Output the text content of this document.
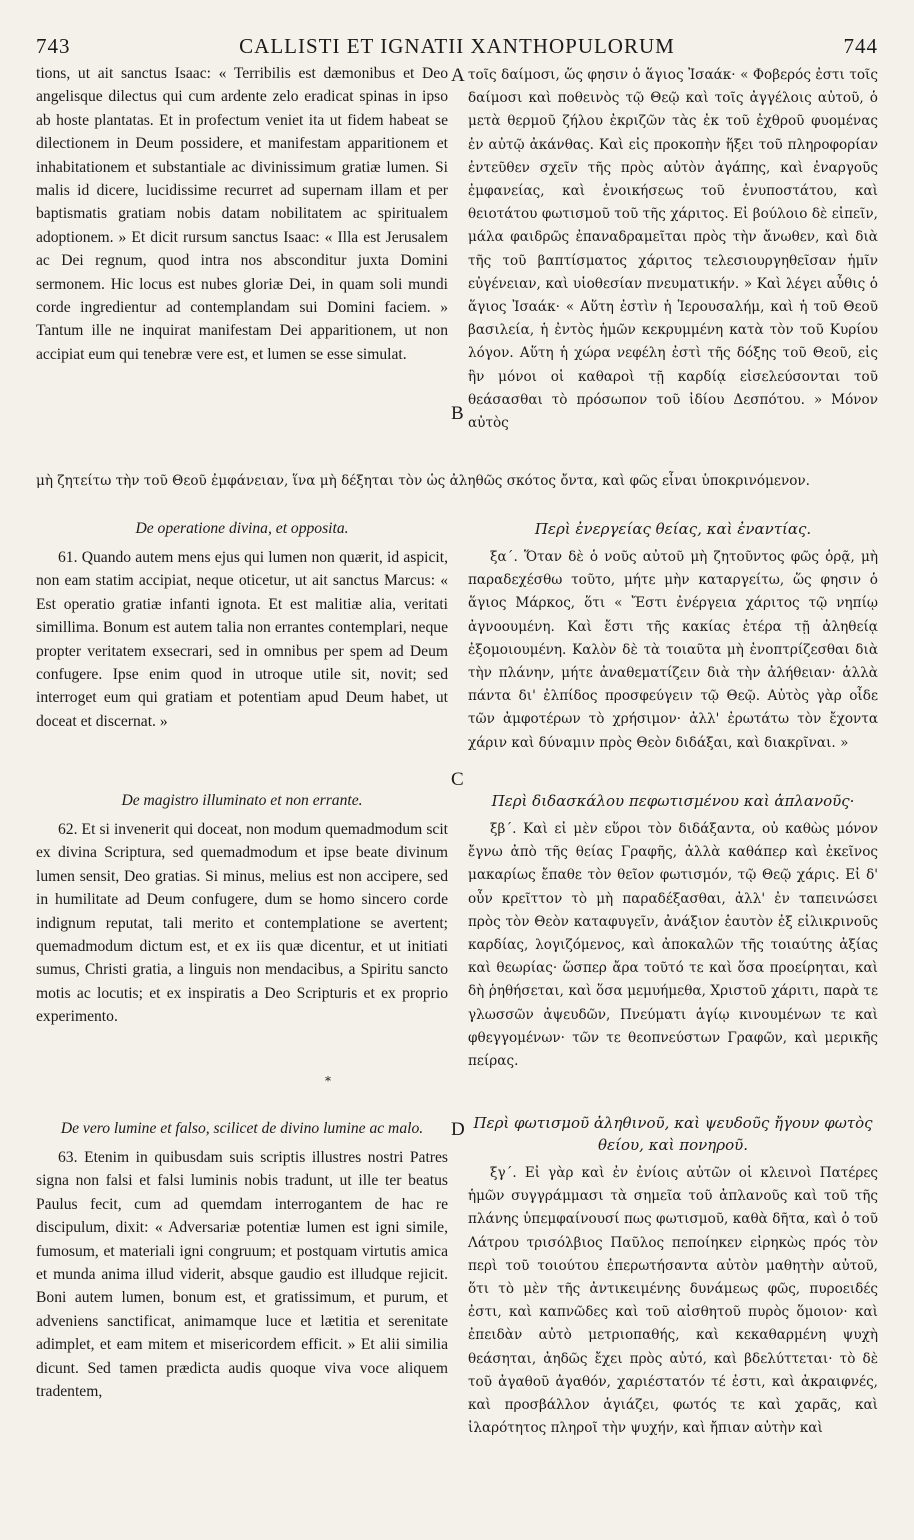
743	CALLISTI ET IGNATII XANTHOPULORUM	744

tions, ut ait sanctus Isaac: « Terribilis est dæmonibus et Deo angelisque dilectus qui cum ardente zelo eradicat spinas in ipso ab hoste plantatas. Et in profectum veniet ita ut fidem habeat se dilectionem in Deum possidere, et manifestam apparitionem et inhabitationem et substantiale ac divinissimum gratiæ lumen. Si malis id dicere, lucidissime recurret ad supernam illam et per baptismatis gratiam nobis datam nobilitatem ac spiritualem adoptionem. » Et dicit rursum sanctus Isaac: « Illa est Jerusalem ac Dei regnum, quod intra nos absconditur juxta Domini sermonem. Hic locus est nubes gloriæ Dei, in quam soli mundi corde ingredientur ad contemplandam sui Domini faciem. » Tantum ille ne inquirat manifestam Dei apparitionem, ut non accipiat eum qui tenebræ vere est, et lumen se esse simulat.

τοῖς δαίμοσι, ὥς φησιν ὁ ἅγιος Ἰσαάκ· « Φοβερός ἐστι τοῖς δαίμοσι καὶ ποθεινὸς τῷ Θεῷ καὶ τοῖς ἀγγέλοις αὐτοῦ, ὁ μετὰ θερμοῦ ζήλου ἐκριζῶν τὰς ἐκ τοῦ ἐχθροῦ φυομένας ἐν αὐτῷ ἀκάνθας. Καὶ εἰς προκοπὴν ἥξει τοῦ πληροφορίαν ἐντεῦθεν σχεῖν τῆς πρὸς αὐτὸν ἀγάπης, καὶ ἐναργοῦς ἐμφανείας, καὶ ἐνοικήσεως τοῦ ἐνυποστάτου, καὶ θειοτάτου φωτισμοῦ τοῦ τῆς χάριτος. Εἰ βούλοιο δὲ εἰπεῖν, μάλα φαιδρῶς ἐπαναδραμεῖται πρὸς τὴν ἄνωθεν, καὶ διὰ τῆς τοῦ βαπτίσματος χάριτος τελεσιουργηθεῖσαν ἡμῖν εὐγένειαν, καὶ υἱοθεσίαν πνευματικήν. » Καὶ λέγει αὖθις ὁ ἅγιος Ἰσαάκ· « Αὕτη ἐστὶν ἡ Ἱερουσαλήμ, καὶ ἡ τοῦ Θεοῦ βασιλεία, ἡ ἐντὸς ἡμῶν κεκρυμμένη κατὰ τὸν τοῦ Κυρίου λόγον. Αὕτη ἡ χώρα νεφέλη ἐστὶ τῆς δόξης τοῦ Θεοῦ, εἰς ἣν μόνοι οἱ καθαροὶ τῇ καρδίᾳ εἰσελεύσονται τοῦ θεάσασθαι τὸ πρόσωπον τοῦ ἰδίου Δεσπότου. » Μόνον αὐτὸς

A
B

μὴ ζητείτω τὴν τοῦ Θεοῦ ἐμφάνειαν, ἵνα μὴ δέξηται τὸν ὡς ἀληθῶς σκότος ὄντα, καὶ φῶς εἶναι ὑποκρινόμενον.

De operatione divina, et opposita.

61. Quando autem mens ejus qui lumen non quærit, id aspicit, non eam statim accipiat, neque oticetur, ut ait sanctus Marcus: « Est operatio gratiæ infanti ignota. Et est malitiæ alia, veritati simillima. Bonum est autem talia non errantes contemplari, neque propter veritatem exsecrari, sed in omnibus per spem ad Deum confugere. Ipse enim quod in utroque utile sit, novit; sed interroget eum qui gratiam et potentiam apud Deum habet, ut doceat et discernat. »

Περὶ ἐνεργείας θείας, καὶ ἐναντίας.

ξα΄. Ὅταν δὲ ὁ νοῦς αὐτοῦ μὴ ζητοῦντος φῶς ὁρᾷ, μὴ παραδεχέσθω τοῦτο, μήτε μὴν καταργείτω, ὥς φησιν ὁ ἅγιος Μάρκος, ὅτι « Ἔστι ἐνέργεια χάριτος τῷ νηπίῳ ἀγνοουμένη. Καὶ ἔστι τῆς κακίας ἑτέρα τῇ ἀληθείᾳ ἐξομοιουμένη. Καλὸν δὲ τὰ τοιαῦτα μὴ ἐνοπτρίζεσθαι διὰ τὴν πλάνην, μήτε ἀναθεματίζειν διὰ τὴν ἀλήθειαν· ἀλλὰ πάντα δι' ἐλπίδος προσφεύγειν τῷ Θεῷ. Αὐτὸς γὰρ οἶδε τῶν ἀμφοτέρων τὸ χρήσιμον· ἀλλ' ἐρωτάτω τὸν ἔχοντα χάριν καὶ δύναμιν πρὸς Θεὸν διδάξαι, καὶ διακρῖναι. »

C
De magistro illuminato et non errante.

62. Et si invenerit qui doceat, non modum quemadmodum scit ex divina Scriptura, sed quemadmodum et ipse beate divinum lumen sensit, Deo gratias. Si minus, melius est non accipere, sed in humilitate ad Deum confugere, dum se homo sincero corde indignum reputat, tali merito et contemplatione se avertent; quemadmodum dictum est, et ex iis quæ dicentur, et ut initiati sumus, Christi gratia, a linguis non mendacibus, a Spiritu sancto motis ac locutis; et ex inspiratis a Deo Scripturis et ex proprio experimento.

Περὶ διδασκάλου πεφωτισμένου καὶ ἀπλανοῦς·

ξβ΄. Καὶ εἰ μὲν εὕροι τὸν διδάξαντα, οὐ καθὼς μόνον ἔγνω ἀπὸ τῆς θείας Γραφῆς, ἀλλὰ καθάπερ καὶ ἐκεῖνος μακαρίως ἔπαθε τὸν θεῖον φωτισμόν, τῷ Θεῷ χάρις. Εἰ δ' οὖν κρεῖττον τὸ μὴ παραδέξασθαι, ἀλλ' ἐν ταπεινώσει πρὸς τὸν Θεὸν καταφυγεῖν, ἀνάξιον ἑαυτὸν ἐξ εἰλικρινοῦς καρδίας, λογιζόμενος, καὶ ἀποκαλῶν τῆς τοιαύτης ἀξίας καὶ θεωρίας· ὥσπερ ἄρα τοῦτό τε καὶ ὅσα προείρηται, καὶ δὴ ῥηθήσεται, καὶ ὅσα μεμυήμεθα, Χριστοῦ χάριτι, παρὰ τε γλωσσῶν ἀψευδῶν, Πνεύματι ἁγίῳ κινουμένων τε καὶ φθεγγομένων· τῶν τε θεοπνεύστων Γραφῶν, καὶ μερικῆς πείρας.

*
De vero lumine et falso, scilicet de divino lumine ac malo.

63. Etenim in quibusdam suis scriptis illustres nostri Patres signa non falsi et falsi luminis nobis tradunt, ut ille ter beatus Paulus fecit, cum ad quemdam interrogantem de hac re discipulum, dixit: « Adversariæ potentiæ lumen est igni simile, fumosum, et materiali igni congruum; et postquam virtutis amica et munda anima illud viderit, absque gaudio est illudque rejicit. Boni autem lumen, bonum est, et gratissimum, et purum, et adveniens sanctificat, animamque luce et lætitia et serenitate adimplet, et eam mitem et misericordem efficit. » Et alii similia dicunt. Sed tamen prædicta audis quoque viva voce aliquem tradentem,

Περὶ φωτισμοῦ ἀληθινοῦ, καὶ ψευδοῦς ἤγουν φωτὸς θείου, καὶ πονηροῦ.

ξγ΄. Εἰ γὰρ καὶ ἐν ἐνίοις αὐτῶν οἱ κλεινοὶ Πατέρες ἡμῶν συγγράμμασι τὰ σημεῖα τοῦ ἀπλανοῦς καὶ τοῦ τῆς πλάνης ὑπεμφαίνουσί πως φωτισμοῦ, καθὰ δῆτα, καὶ ὁ τοῦ Λάτρου τρισόλβιος Παῦλος πεποίηκεν εἰρηκὼς πρός τὸν περὶ τοῦ τοιούτου ἐπερωτήσαντα αὐτὸν μαθητὴν αὐτοῦ, ὅτι τὸ μὲν τῆς ἀντικειμένης δυνάμεως φῶς, πυροειδές ἐστι, καὶ καπνῶδες καὶ τοῦ αἰσθητοῦ πυρὸς ὅμοιον· καὶ ἐπειδὰν αὐτὸ μετριοπαθής, καὶ κεκαθαρμένη ψυχὴ θεάσηται, ἀηδῶς ἔχει πρὸς αὐτό, καὶ βδελύττεται· τὸ δὲ τοῦ ἀγαθοῦ ἀγαθόν, χαριέστατόν τέ ἐστι, καὶ ἀκραιφνές, καὶ προσβάλλον ἁγιάζει, φωτός τε καὶ χαρᾶς, καὶ ἱλαρότητος πληροῖ τὴν ψυχήν, καὶ ἤπιαν αὐτὴν καὶ

D
